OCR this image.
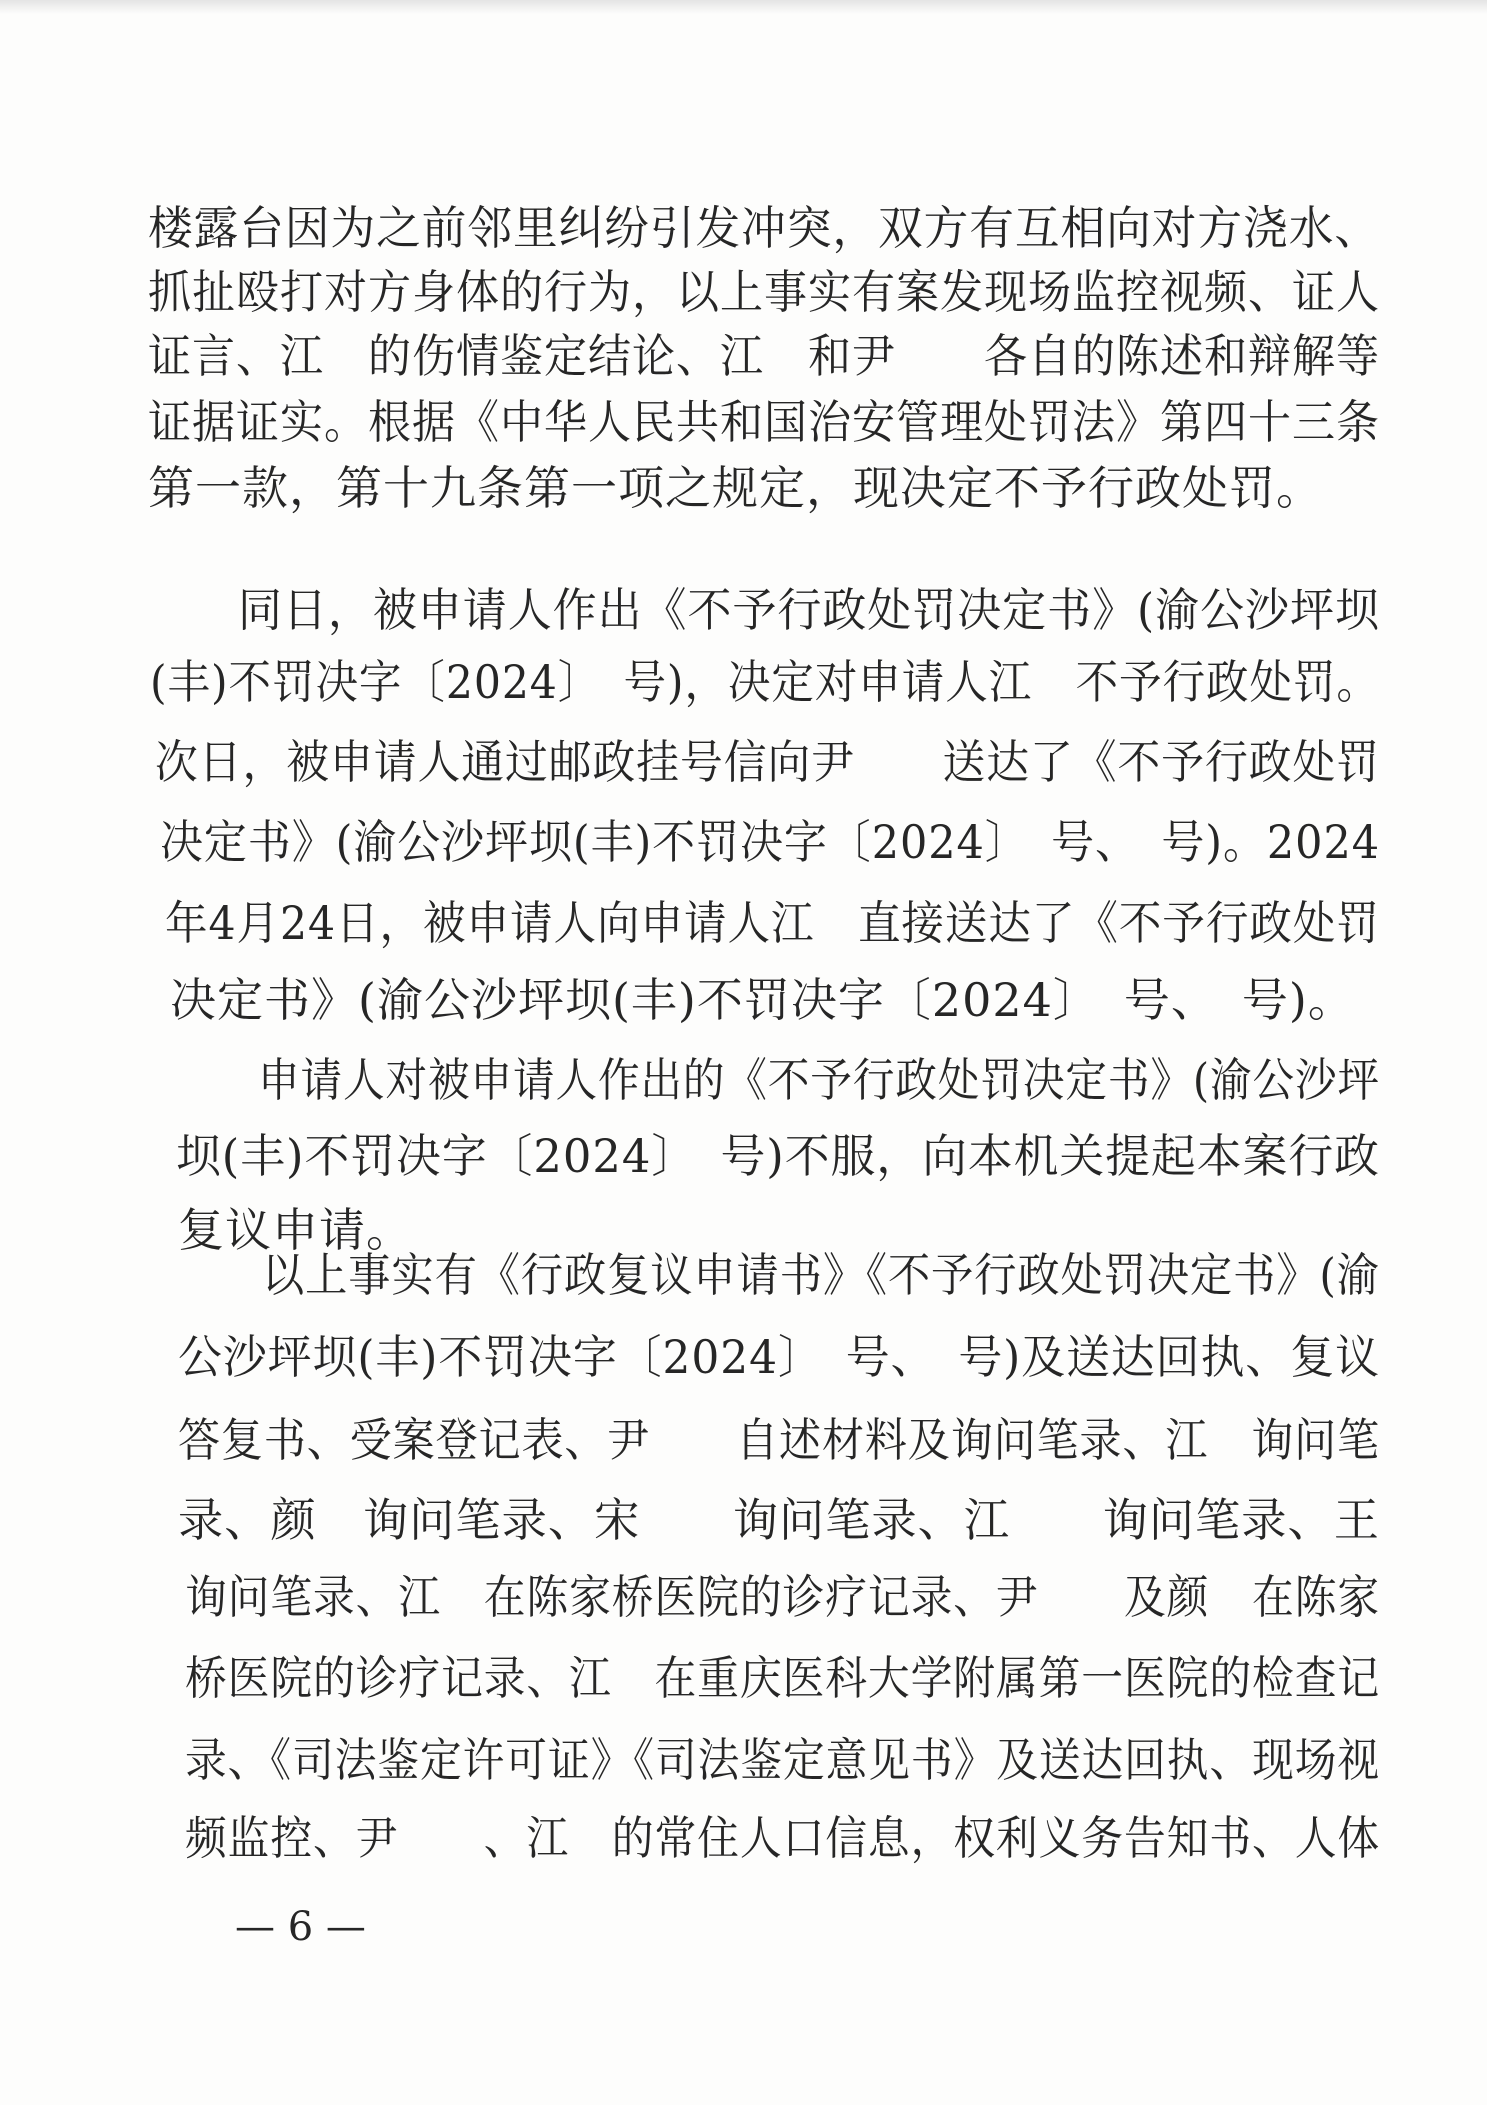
楼露台因为之前邻里纠纷引发冲突，双方有互相向对方浇水、
抓扯殴打对方身体的行为，以上事实有案发现场监控视频、证人
证言、江　的伤情鉴定结论、江　和尹　　各自的陈述和辩解等
证据证实。根据《中华人民共和国治安管理处罚法》第四十三条
第一款，第十九条第一项之规定，现决定不予行政处罚。
同日，被申请人作出《不予行政处罚决定书》(渝公沙坪坝
(丰)不罚决字〔2024〕　号)，决定对申请人江　不予行政处罚。
次日，被申请人通过邮政挂号信向尹　　送达了《不予行政处罚
决定书》(渝公沙坪坝(丰)不罚决字〔2024〕　号、　号)。2024
年4月24日，被申请人向申请人江　直接送达了《不予行政处罚
决定书》(渝公沙坪坝(丰)不罚决字〔2024〕　号、　号)。
申请人对被申请人作出的《不予行政处罚决定书》(渝公沙坪
坝(丰)不罚决字〔2024〕　号)不服，向本机关提起本案行政
复议申请。
以上事实有《行政复议申请书》《不予行政处罚决定书》(渝
公沙坪坝(丰)不罚决字〔2024〕　号、　号)及送达回执、复议
答复书、受案登记表、尹　　自述材料及询问笔录、江　询问笔
录、颜　询问笔录、宋　　询问笔录、江　　询问笔录、王
询问笔录、江　在陈家桥医院的诊疗记录、尹　　及颜　在陈家
桥医院的诊疗记录、江　在重庆医科大学附属第一医院的检查记
录、《司法鉴定许可证》《司法鉴定意见书》及送达回执、现场视
频监控、尹　　、江　的常住人口信息，权利义务告知书、人体
— 6 —
